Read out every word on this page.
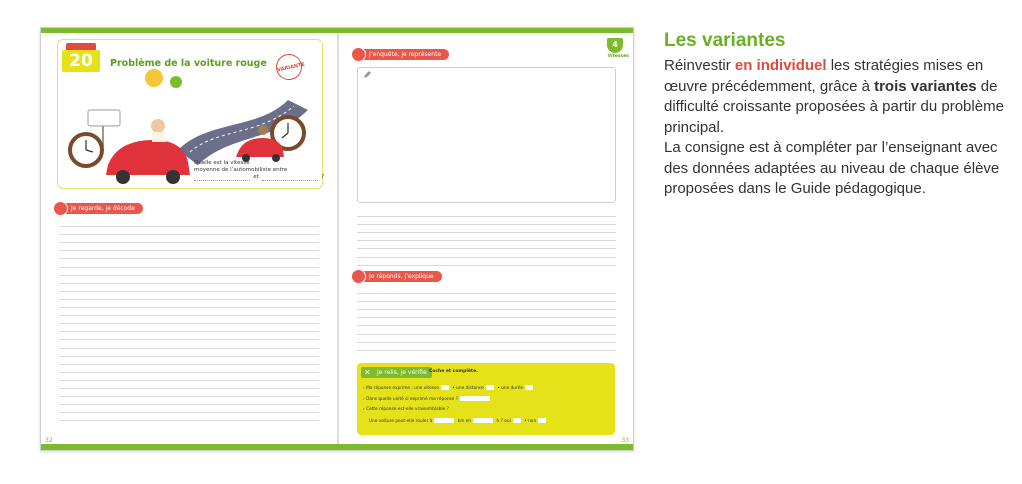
20	Problème de la voiture rouge	VARIANTE
Quelle est la vitesse
moyenne de l’automobiliste entre
et	?
Je regarde, je décode
32
J’enquête, je représente
4
Vitesses
Je réponds, j’explique
✕ Je relis, je vérifie Coche et complète.
› Ma réponse exprime : une vitesse	• une distance	• une durée
› Dans quelle unité si exprimé ma réponse ?
› Cette réponse est-elle vraisemblable ?
Une voiture peut-elle rouler à	km en	h ? oui	• non
33
Les variantes

Réinvestir en individuel les stratégies mises en œuvre précédemment, grâce à trois variantes de difficulté croissante proposées à partir du problème principal.

La consigne est à compléter par l’enseignant avec des données adaptées au niveau de chaque élève proposées dans le Guide pédagogique.
